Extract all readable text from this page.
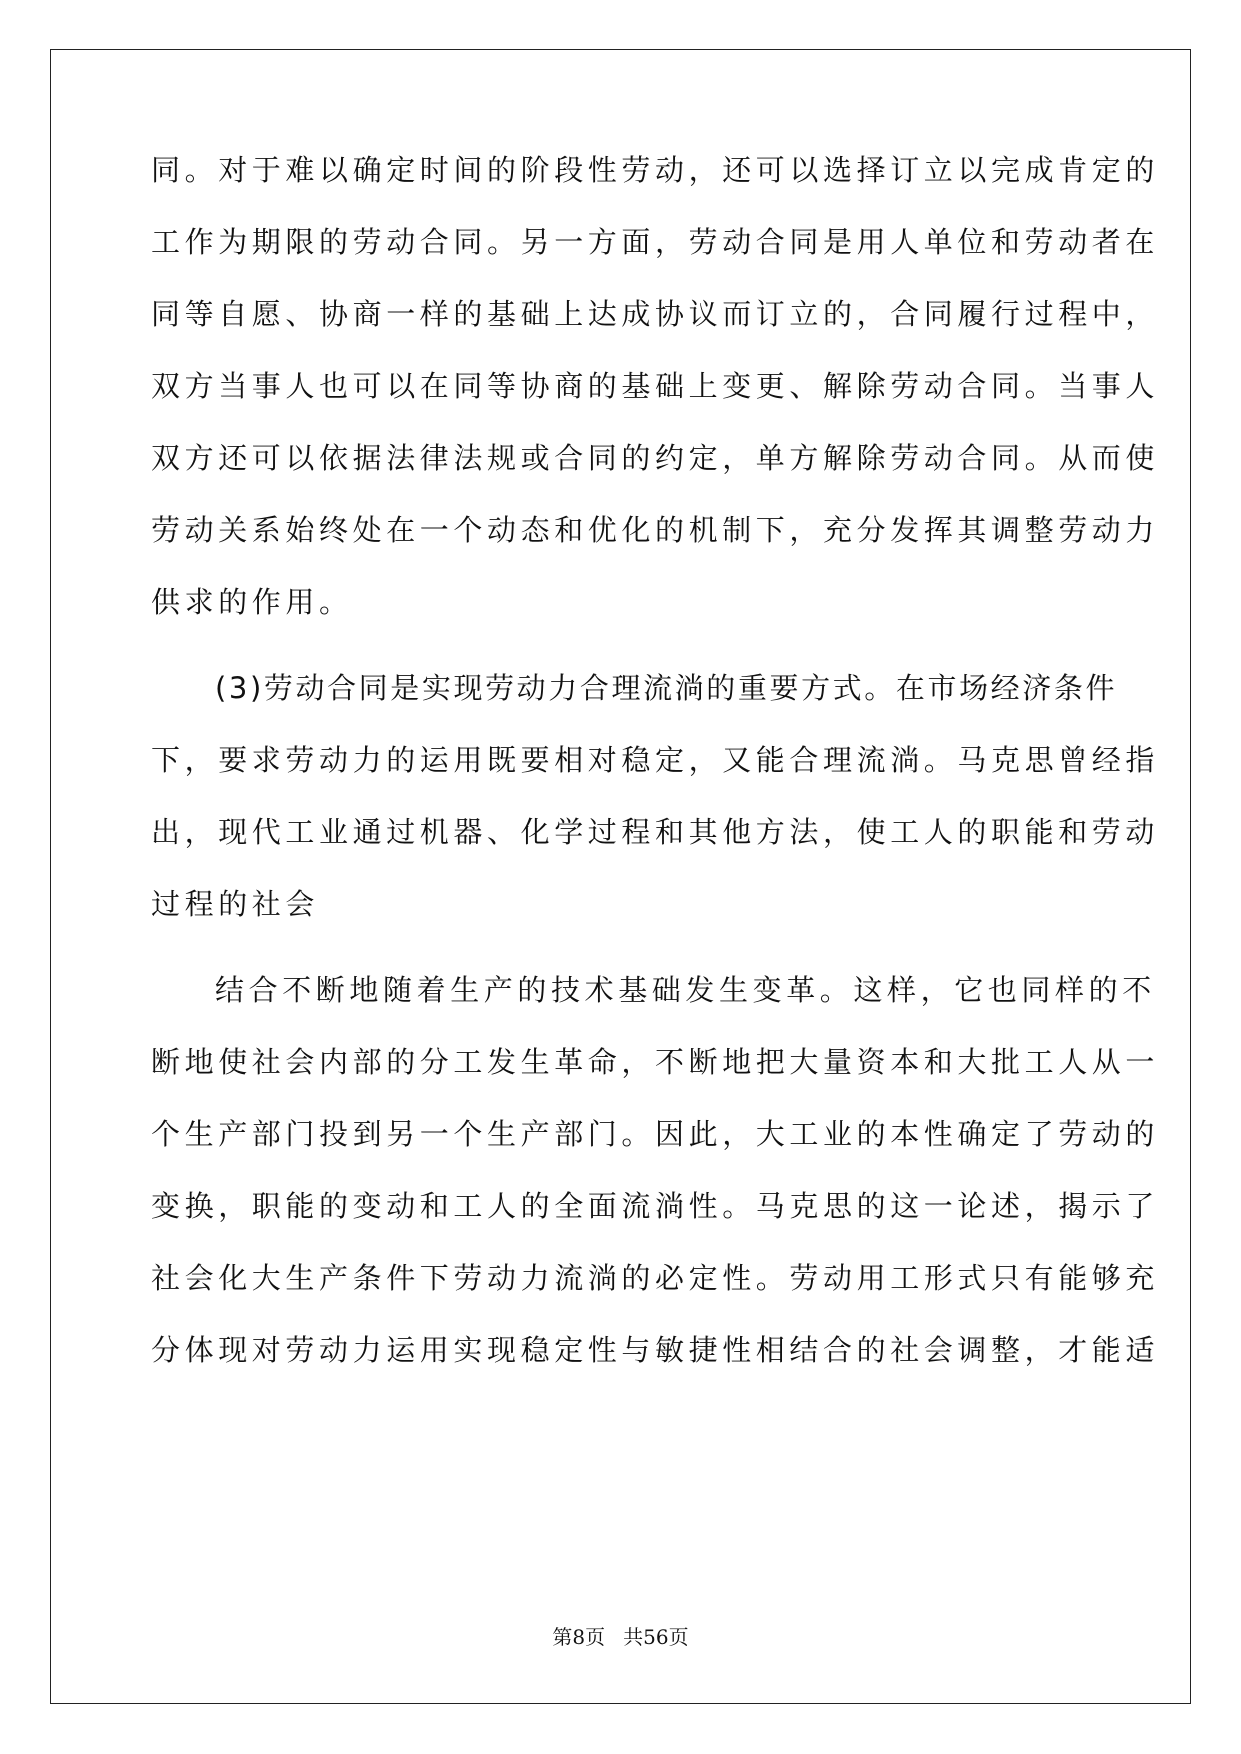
同。对于难以确定时间的阶段性劳动，还可以选择订立以完成肯定的
工作为期限的劳动合同。另一方面，劳动合同是用人单位和劳动者在
同等自愿、协商一样的基础上达成协议而订立的，合同履行过程中，
双方当事人也可以在同等协商的基础上变更、解除劳动合同。当事人
双方还可以依据法律法规或合同的约定，单方解除劳动合同。从而使
劳动关系始终处在一个动态和优化的机制下，充分发挥其调整劳动力
供求的作用。
(3)劳动合同是实现劳动力合理流淌的重要方式。在市场经济条件
下，要求劳动力的运用既要相对稳定，又能合理流淌。马克思曾经指
出，现代工业通过机器、化学过程和其他方法，使工人的职能和劳动
过程的社会
结合不断地随着生产的技术基础发生变革。这样，它也同样的不
断地使社会内部的分工发生革命，不断地把大量资本和大批工人从一
个生产部门投到另一个生产部门。因此，大工业的本性确定了劳动的
变换，职能的变动和工人的全面流淌性。马克思的这一论述，揭示了
社会化大生产条件下劳动力流淌的必定性。劳动用工形式只有能够充
分体现对劳动力运用实现稳定性与敏捷性相结合的社会调整，才能适
第8页 共56页
